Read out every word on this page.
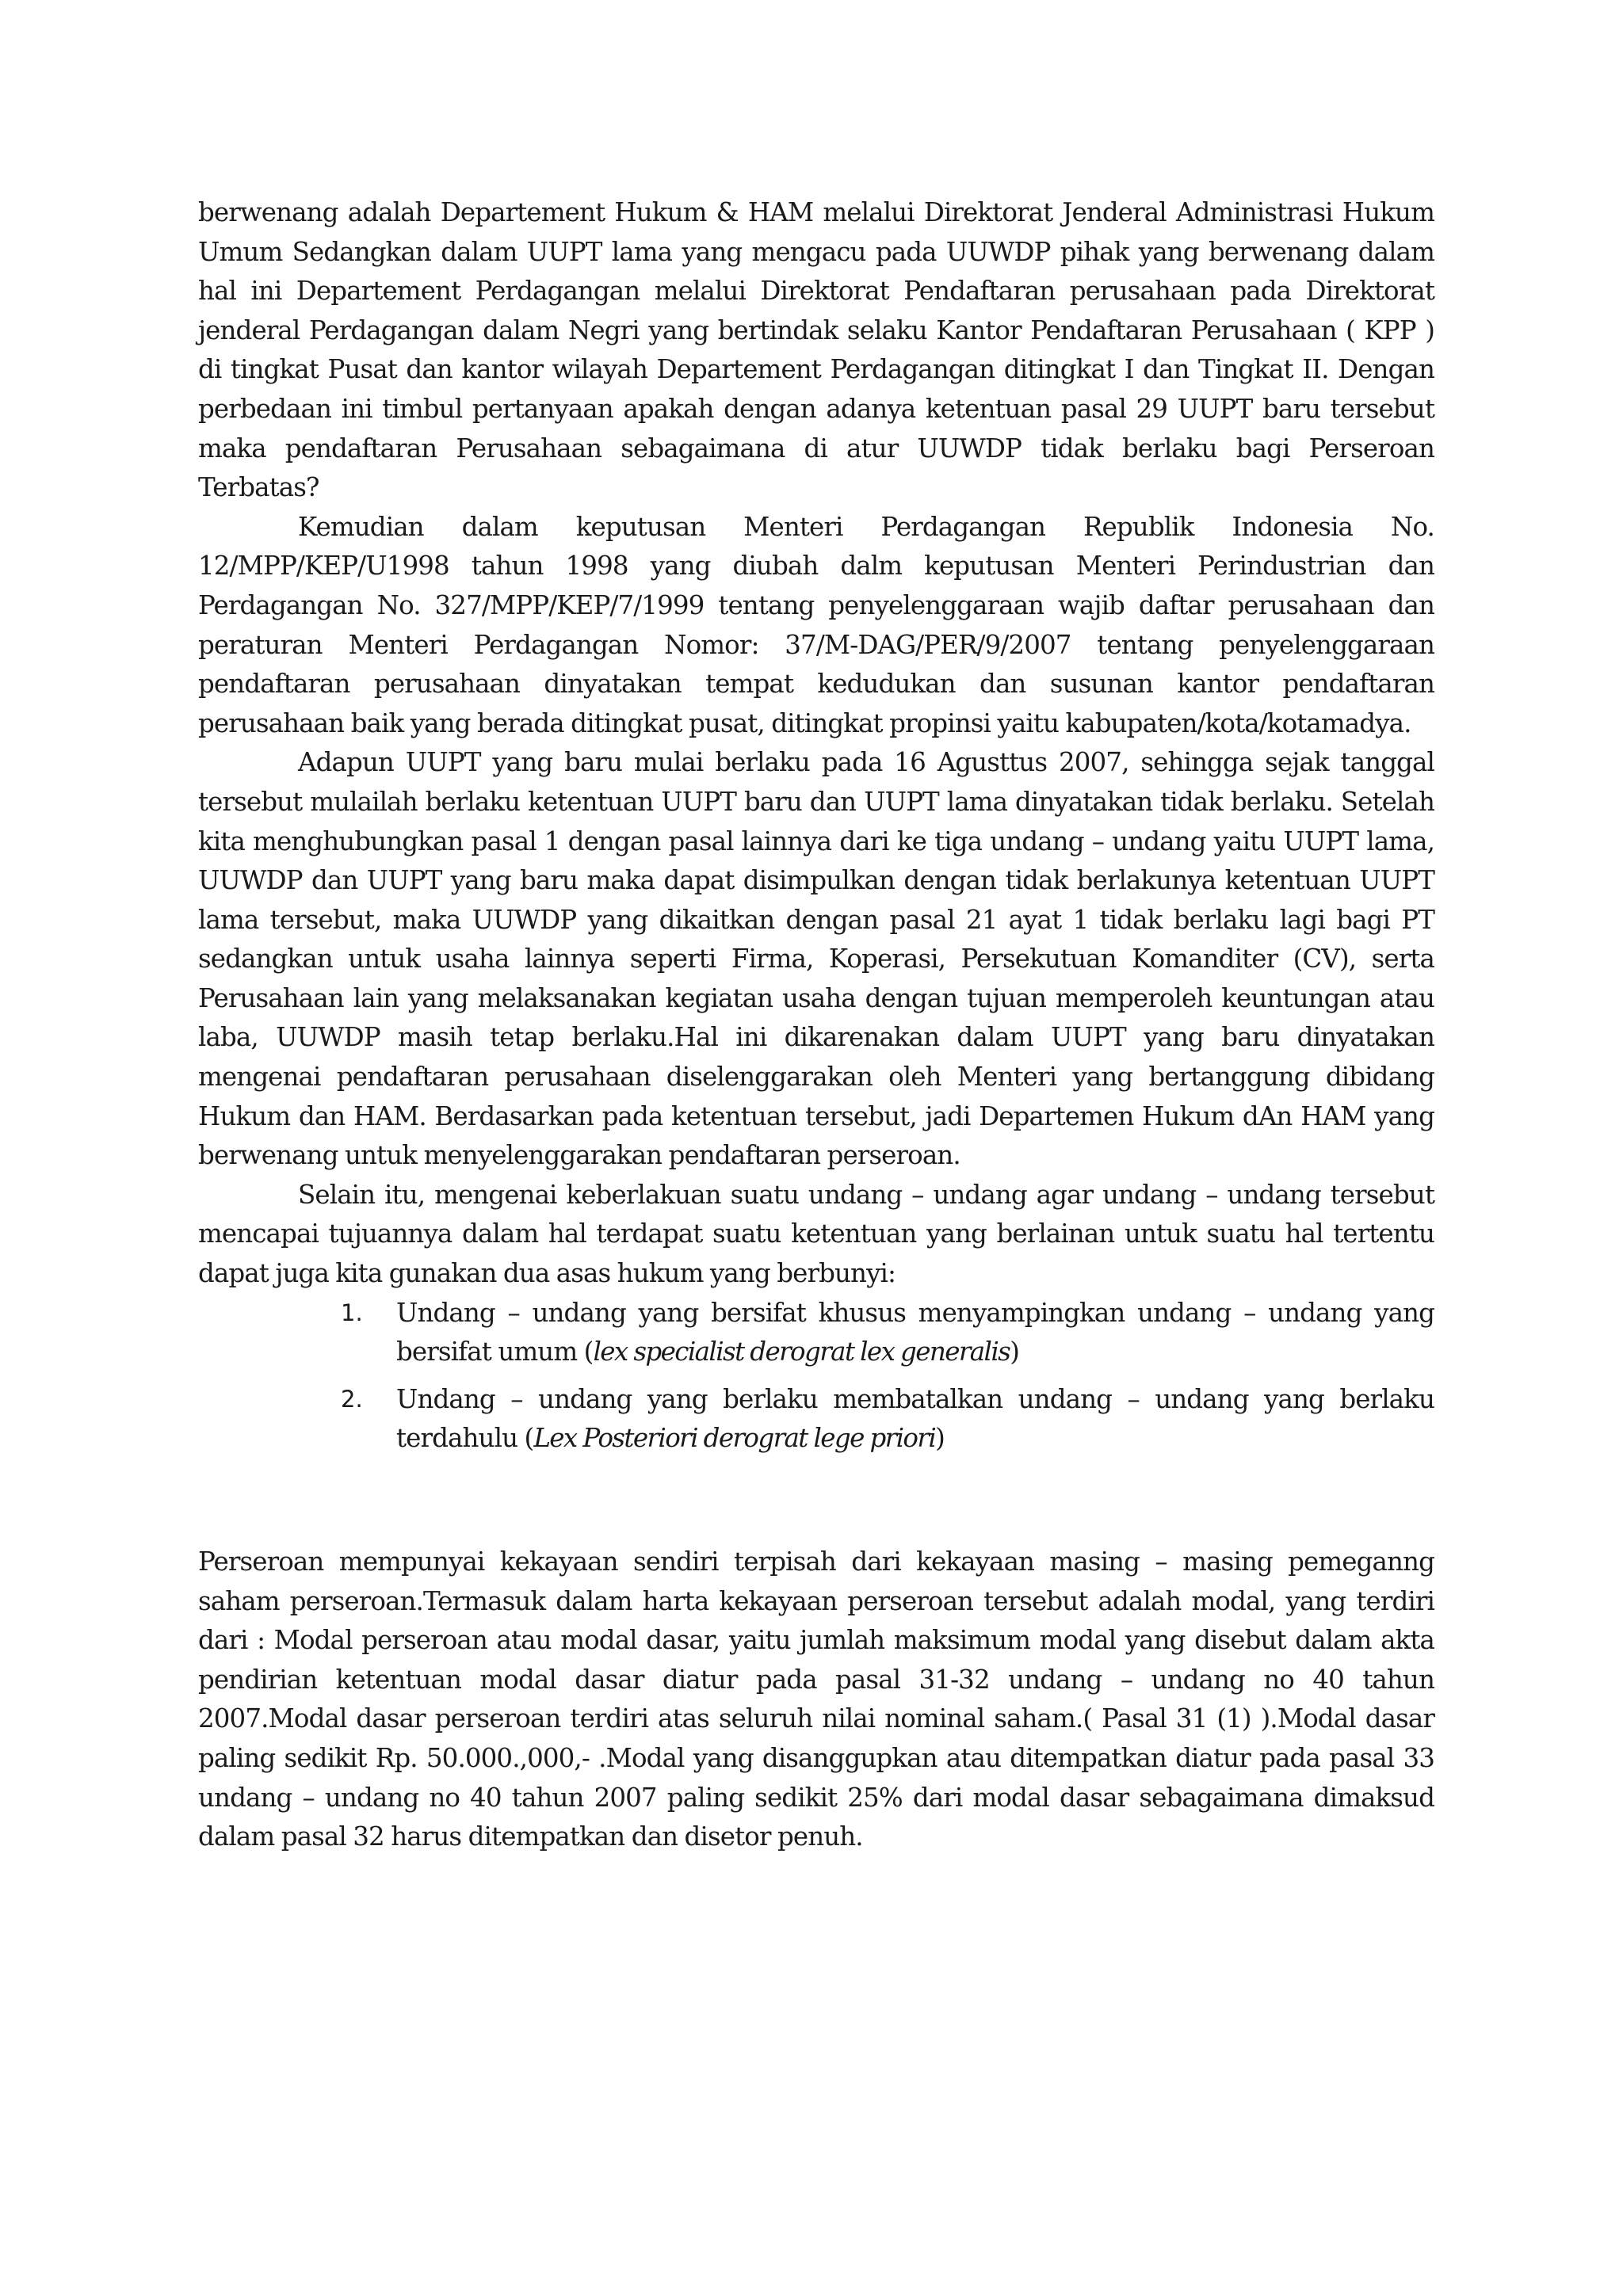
berwenang adalah Departement Hukum & HAM melalui Direktorat Jenderal Administrasi Hukum Umum Sedangkan dalam UUPT lama yang mengacu pada UUWDP pihak yang berwenang dalam hal ini Departement Perdagangan melalui Direktorat Pendaftaran perusahaan pada Direktorat jenderal Perdagangan dalam Negri yang bertindak selaku Kantor Pendaftaran Perusahaan ( KPP ) di tingkat Pusat dan kantor wilayah Departement Perdagangan ditingkat I dan Tingkat II. Dengan perbedaan ini timbul pertanyaan apakah dengan adanya ketentuan pasal 29 UUPT baru tersebut maka pendaftaran Perusahaan sebagaimana di atur UUWDP tidak berlaku bagi Perseroan Terbatas?

Kemudian dalam keputusan Menteri Perdagangan Republik Indonesia No. 12/MPP/KEP/U1998 tahun 1998 yang diubah dalm keputusan Menteri Perindustrian dan Perdagangan No. 327/MPP/KEP/7/1999 tentang penyelenggaraan wajib daftar perusahaan dan peraturan Menteri Perdagangan Nomor: 37/M-DAG/PER/9/2007 tentang penyelenggaraan pendaftaran perusahaan dinyatakan tempat kedudukan dan susunan kantor pendaftaran perusahaan baik yang berada ditingkat pusat, ditingkat propinsi yaitu kabupaten/kota/kotamadya.

Adapun UUPT yang baru mulai berlaku pada 16 Agusttus 2007, sehingga sejak tanggal tersebut mulailah berlaku ketentuan UUPT baru dan UUPT lama dinyatakan tidak berlaku. Setelah kita menghubungkan pasal 1 dengan pasal lainnya dari ke tiga undang – undang yaitu UUPT lama, UUWDP dan UUPT yang baru maka dapat disimpulkan dengan tidak berlakunya ketentuan UUPT lama tersebut, maka UUWDP yang dikaitkan dengan pasal 21 ayat 1 tidak berlaku lagi bagi PT sedangkan untuk usaha lainnya seperti Firma, Koperasi, Persekutuan Komanditer (CV), serta Perusahaan lain yang melaksanakan kegiatan usaha dengan tujuan memperoleh keuntungan atau laba, UUWDP masih tetap berlaku.Hal ini dikarenakan dalam UUPT yang baru dinyatakan mengenai pendaftaran perusahaan diselenggarakan oleh Menteri yang bertanggung dibidang Hukum dan HAM. Berdasarkan pada ketentuan tersebut, jadi Departemen Hukum dAn HAM yang berwenang untuk menyelenggarakan pendaftaran perseroan.

Selain itu, mengenai keberlakuan suatu undang – undang agar undang – undang tersebut mencapai tujuannya dalam hal terdapat suatu ketentuan yang berlainan untuk suatu hal tertentu dapat juga kita gunakan dua asas hukum yang berbunyi:

1. Undang – undang yang bersifat khusus menyampingkan undang – undang yang bersifat umum (lex specialist derograt lex generalis)
2. Undang – undang yang berlaku membatalkan undang – undang yang berlaku terdahulu (Lex Posteriori derograt lege priori)

Perseroan mempunyai kekayaan sendiri terpisah dari kekayaan masing – masing pemeganng saham perseroan.Termasuk dalam harta kekayaan perseroan tersebut adalah modal, yang terdiri dari : Modal perseroan atau modal dasar, yaitu jumlah maksimum modal yang disebut dalam akta pendirian ketentuan modal dasar diatur pada pasal 31-32 undang – undang no 40 tahun 2007.Modal dasar perseroan terdiri atas seluruh nilai nominal saham.( Pasal 31 (1) ).Modal dasar paling sedikit Rp. 50.000.,000,- .Modal yang disanggupkan atau ditempatkan diatur pada pasal 33 undang – undang no 40 tahun 2007 paling sedikit 25% dari modal dasar sebagaimana dimaksud dalam pasal 32 harus ditempatkan dan disetor penuh.
